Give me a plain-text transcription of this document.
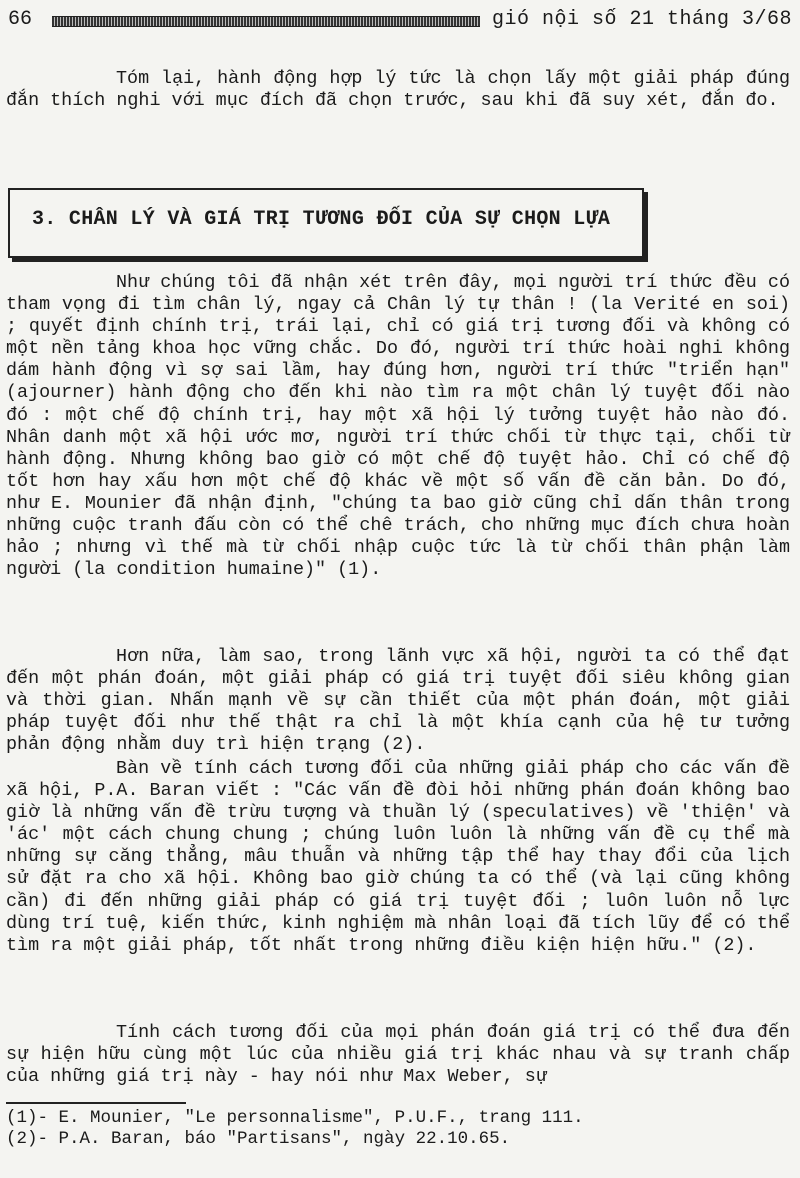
66	gió nội số 21 tháng 3/68

Tóm lại, hành động hợp lý tức là chọn lấy một giải pháp đúng đắn thích nghi với mục đích đã chọn trước, sau khi đã suy xét, đắn đo.

3. CHÂN LÝ VÀ GIÁ TRỊ TƯƠNG ĐỐI CỦA SỰ CHỌN LỰA

Như chúng tôi đã nhận xét trên đây, mọi người trí thức đều có tham vọng đi tìm chân lý, ngay cả Chân lý tự thân ! (la Verité en soi) ; quyết định chính trị, trái lại, chỉ có giá trị tương đối và không có một nền tảng khoa học vững chắc. Do đó, người trí thức hoài nghi không dám hành động vì sợ sai lầm, hay đúng hơn, người trí thức "triển hạn" (ajourner) hành động cho đến khi nào tìm ra một chân lý tuyệt đối nào đó : một chế độ chính trị, hay một xã hội lý tưởng tuyệt hảo nào đó. Nhân danh một xã hội ước mơ, người trí thức chối từ thực tại, chối từ hành động. Nhưng không bao giờ có một chế độ tuyệt hảo. Chỉ có chế độ tốt hơn hay xấu hơn một chế độ khác về một số vấn đề căn bản. Do đó, như E. Mounier đã nhận định, "chúng ta bao giờ cũng chỉ dấn thân trong những cuộc tranh đấu còn có thể chê trách, cho những mục đích chưa hoàn hảo ; nhưng vì thế mà từ chối nhập cuộc tức là từ chối thân phận làm người (la condition humaine)" (1).

Hơn nữa, làm sao, trong lãnh vực xã hội, người ta có thể đạt đến một phán đoán, một giải pháp có giá trị tuyệt đối siêu không gian và thời gian. Nhấn mạnh về sự cần thiết của một phán đoán, một giải pháp tuyệt đối như thế thật ra chỉ là một khía cạnh của hệ tư tưởng phản động nhằm duy trì hiện trạng (2).

Bàn về tính cách tương đối của những giải pháp cho các vấn đề xã hội, P.A. Baran viết : "Các vấn đề đòi hỏi những phán đoán không bao giờ là những vấn đề trừu tượng và thuần lý (speculatives) về 'thiện' và 'ác' một cách chung chung ; chúng luôn luôn là những vấn đề cụ thể mà những sự căng thẳng, mâu thuẫn và những tập thể hay thay đổi của lịch sử đặt ra cho xã hội. Không bao giờ chúng ta có thể (và lại cũng không cần) đi đến những giải pháp có giá trị tuyệt đối ; luôn luôn nỗ lực dùng trí tuệ, kiến thức, kinh nghiệm mà nhân loại đã tích lũy để có thể tìm ra một giải pháp, tốt nhất trong những điều kiện hiện hữu." (2).

Tính cách tương đối của mọi phán đoán giá trị có thể đưa đến sự hiện hữu cùng một lúc của nhiều giá trị khác nhau và sự tranh chấp của những giá trị này - hay nói như Max Weber, sự

(1)- E. Mounier, "Le personnalisme", P.U.F., trang 111.
(2)- P.A. Baran, báo "Partisans", ngày 22.10.65.
